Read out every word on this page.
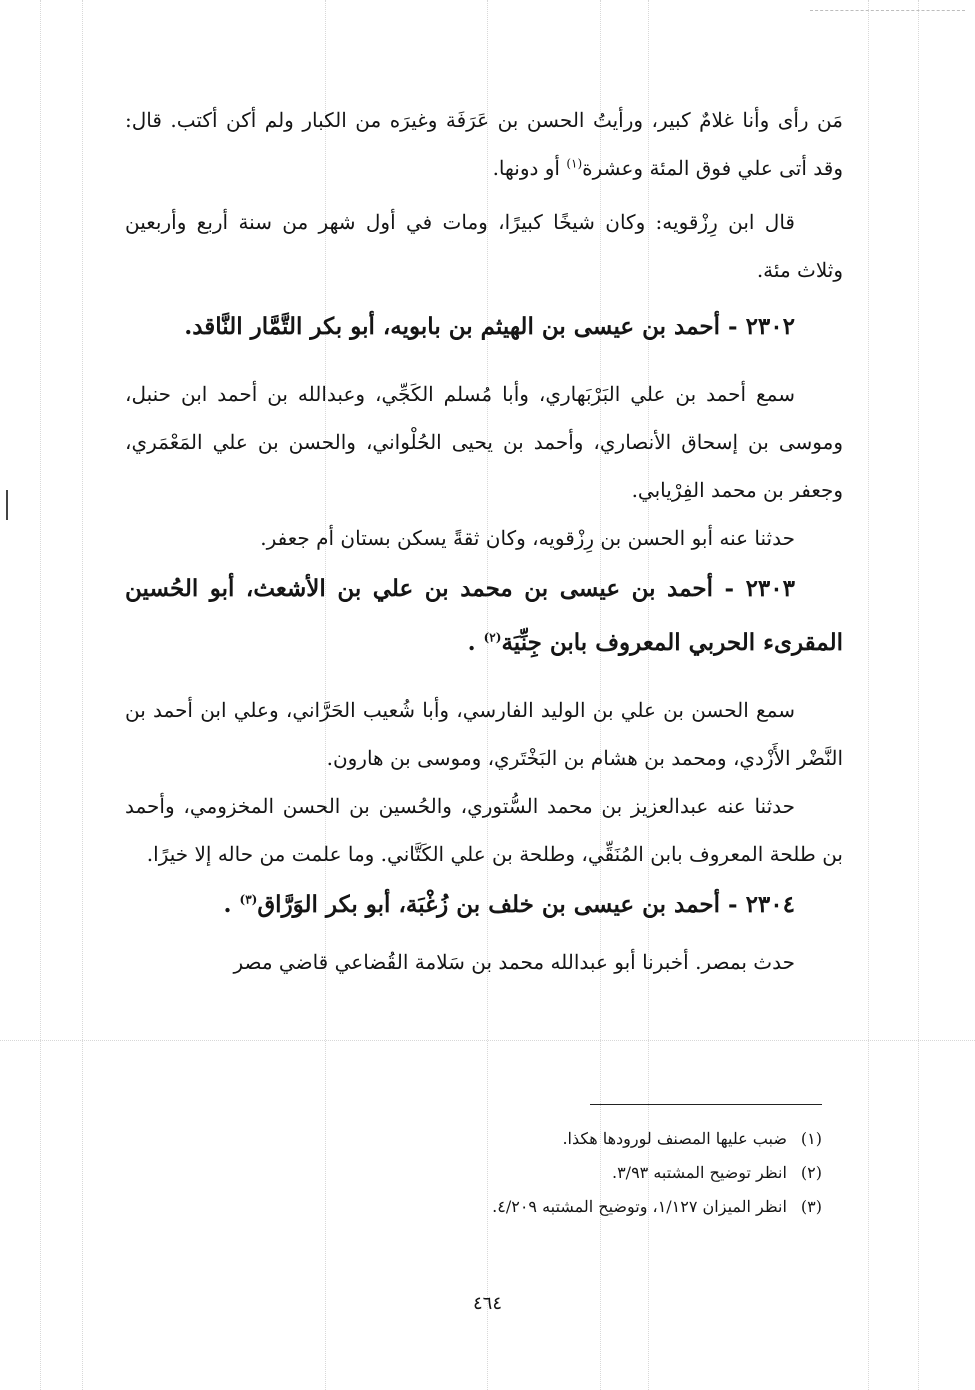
مَن رأى وأنا غلامٌ كبير، ورأيتُ الحسن بن عَرَفَة وغيرَه من الكبار ولم أكن أكتب. قال: وقد أتى علي فوق المئة وعشرة$^{(١)}$ أو دونها.

قال ابن رِزْقويه: وكان شيخًا كبيرًا، ومات في أول شهر من سنة أربع وأربعين وثلاث مئة.

٢٣٠٢ - أحمد بن عيسى بن الهيثم بن بابويه، أبو بكر التَّمَّار النَّاقد.

سمع أحمد بن علي البَرْبَهاري، وأبا مُسلم الكَجِّي، وعبدالله بن أحمد ابن حنبل، وموسى بن إسحاق الأنصاري، وأحمد بن يحيى الحُلْواني، والحسن بن علي المَعْمَري، وجعفر بن محمد الفِرْيابي.

حدثنا عنه أبو الحسن بن رِزْقويه، وكان ثقةً يسكن بستان أم جعفر.

٢٣٠٣ - أحمد بن عيسى بن محمد بن علي بن الأشعث، أبو الحُسين المقرىء الحربي المعروف بابن جِنِّيَة$^{(٢)}$ .

سمع الحسن بن علي بن الوليد الفارسي، وأبا شُعيب الحَرَّاني، وعلي ابن أحمد بن النَّضْر الأَزْدي، ومحمد بن هشام بن البَخْتَري، وموسى بن هارون.

حدثنا عنه عبدالعزيز بن محمد السُّتوري، والحُسين بن الحسن المخزومي، وأحمد بن طلحة المعروف بابن المُنَقِّي، وطلحة بن علي الكَتَّاني. وما علمت من حاله إلا خيرًا.

٢٣٠٤ - أحمد بن عيسى بن خلف بن زُغْبَة، أبو بكر الوَرَّاق$^{(٣)}$ .

حدث بمصر. أخبرنا أبو عبدالله محمد بن سَلامة القُضاعي قاضي مصر

(١)
ضبب عليها المصنف لورودها هكذا.

(٢)
انظر توضيح المشتبه ٣/٩٣.

(٣)
انظر الميزان ١/١٢٧، وتوضيح المشتبه ٤/٢٠٩.

٤٦٤
